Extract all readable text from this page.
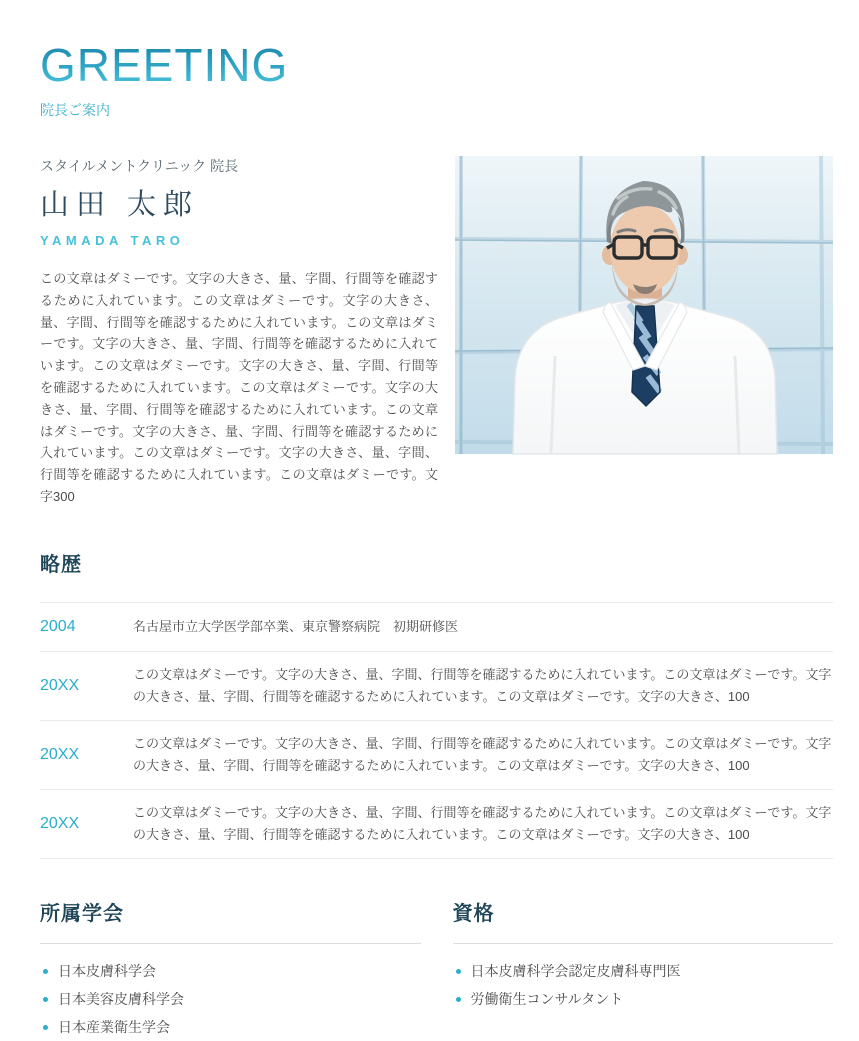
GREETING
院長ご案内
スタイルメントクリニック 院長
山田 太郎
YAMADA TARO

この文章はダミーです。文字の大きさ、量、字間、行間等を確認するために入れています。この文章はダミーです。文字の大きさ、量、字間、行間等を確認するために入れています。この文章はダミーです。文字の大きさ、量、字間、行間等を確認するために入れています。この文章はダミーです。文字の大きさ、量、字間、行間等を確認するために入れています。この文章はダミーです。文字の大きさ、量、字間、行間等を確認するために入れています。この文章はダミーです。文字の大きさ、量、字間、行間等を確認するために入れています。この文章はダミーです。文字の大きさ、量、字間、行間等を確認するために入れています。この文章はダミーです。文字300

略歴
2004	名古屋市立大学医学部卒業、東京警察病院　初期研修医
20XX
この文章はダミーです。文字の大きさ、量、字間、行間等を確認するために入れています。この文章はダミーです。文字の大きさ、量、字間、行間等を確認するために入れています。この文章はダミーです。文字の大きさ、100
20XX
この文章はダミーです。文字の大きさ、量、字間、行間等を確認するために入れています。この文章はダミーです。文字の大きさ、量、字間、行間等を確認するために入れています。この文章はダミーです。文字の大きさ、100
20XX
この文章はダミーです。文字の大きさ、量、字間、行間等を確認するために入れています。この文章はダミーです。文字の大きさ、量、字間、行間等を確認するために入れています。この文章はダミーです。文字の大きさ、100
所属学会
日本皮膚科学会
日本美容皮膚科学会
日本産業衛生学会
資格
日本皮膚科学会認定皮膚科専門医
労働衛生コンサルタント
